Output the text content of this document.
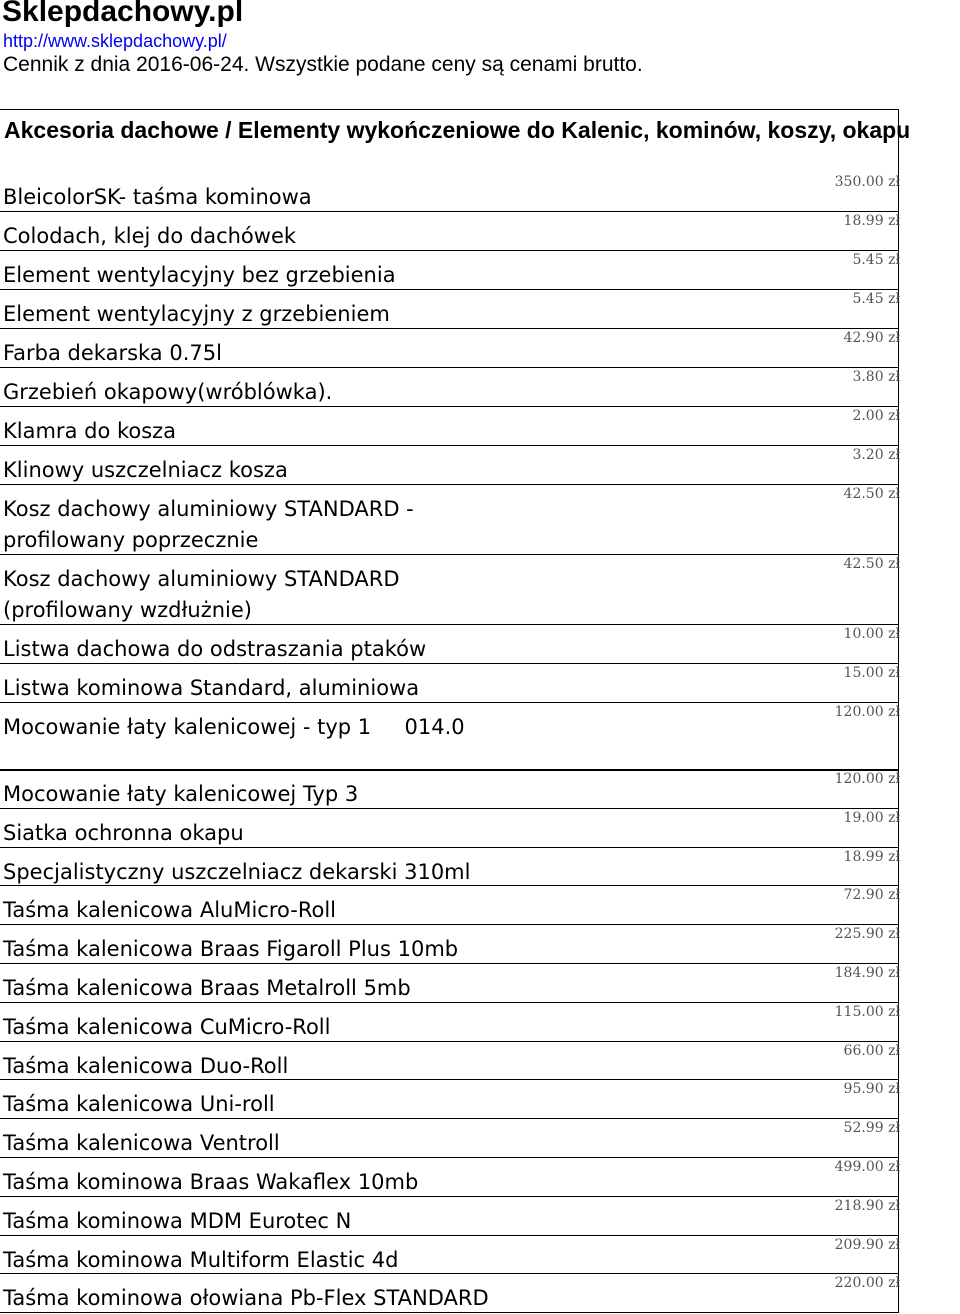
Sklepdachowy.pl
http://www.sklepdachowy.pl/
Cennik z dnia 2016-06-24. Wszystkie podane ceny są cenami brutto.
Akcesoria dachowe / Elementy wykończeniowe do Kalenic, kominów, koszy, okapu
BleicolorSK- taśma kominowa
350.00 zł
Colodach, klej do dachówek
18.99 zł
Element wentylacyjny bez grzebienia
5.45 zł
Element wentylacyjny z grzebieniem
5.45 zł
Farba dekarska 0.75l
42.90 zł
Grzebień okapowy(wróblówka).
3.80 zł
Klamra do kosza
2.00 zł
Klinowy uszczelniacz kosza
3.20 zł
Kosz dachowy aluminiowy STANDARD - profilowany poprzecznie
42.50 zł
Kosz dachowy aluminiowy STANDARD (profilowany wzdłużnie)
42.50 zł
Listwa dachowa do odstraszania ptaków
10.00 zł
Listwa kominowa Standard, aluminiowa
15.00 zł
Mocowanie łaty kalenicowej - typ 1     014.0
120.00 zł
Mocowanie łaty kalenicowej Typ 3
120.00 zł
Siatka ochronna okapu
19.00 zł
Specjalistyczny uszczelniacz dekarski 310ml
18.99 zł
Taśma kalenicowa AluMicro-Roll
72.90 zł
Taśma kalenicowa Braas Figaroll Plus 10mb
225.90 zł
Taśma kalenicowa Braas Metalroll 5mb
184.90 zł
Taśma kalenicowa CuMicro-Roll
115.00 zł
Taśma kalenicowa Duo-Roll
66.00 zł
Taśma kalenicowa Uni-roll
95.90 zł
Taśma kalenicowa Ventroll
52.99 zł
Taśma kominowa Braas Wakaflex 10mb
499.00 zł
Taśma kominowa MDM Eurotec N
218.90 zł
Taśma kominowa Multiform Elastic 4d
209.90 zł
Taśma kominowa ołowiana Pb-Flex STANDARD
220.00 zł
